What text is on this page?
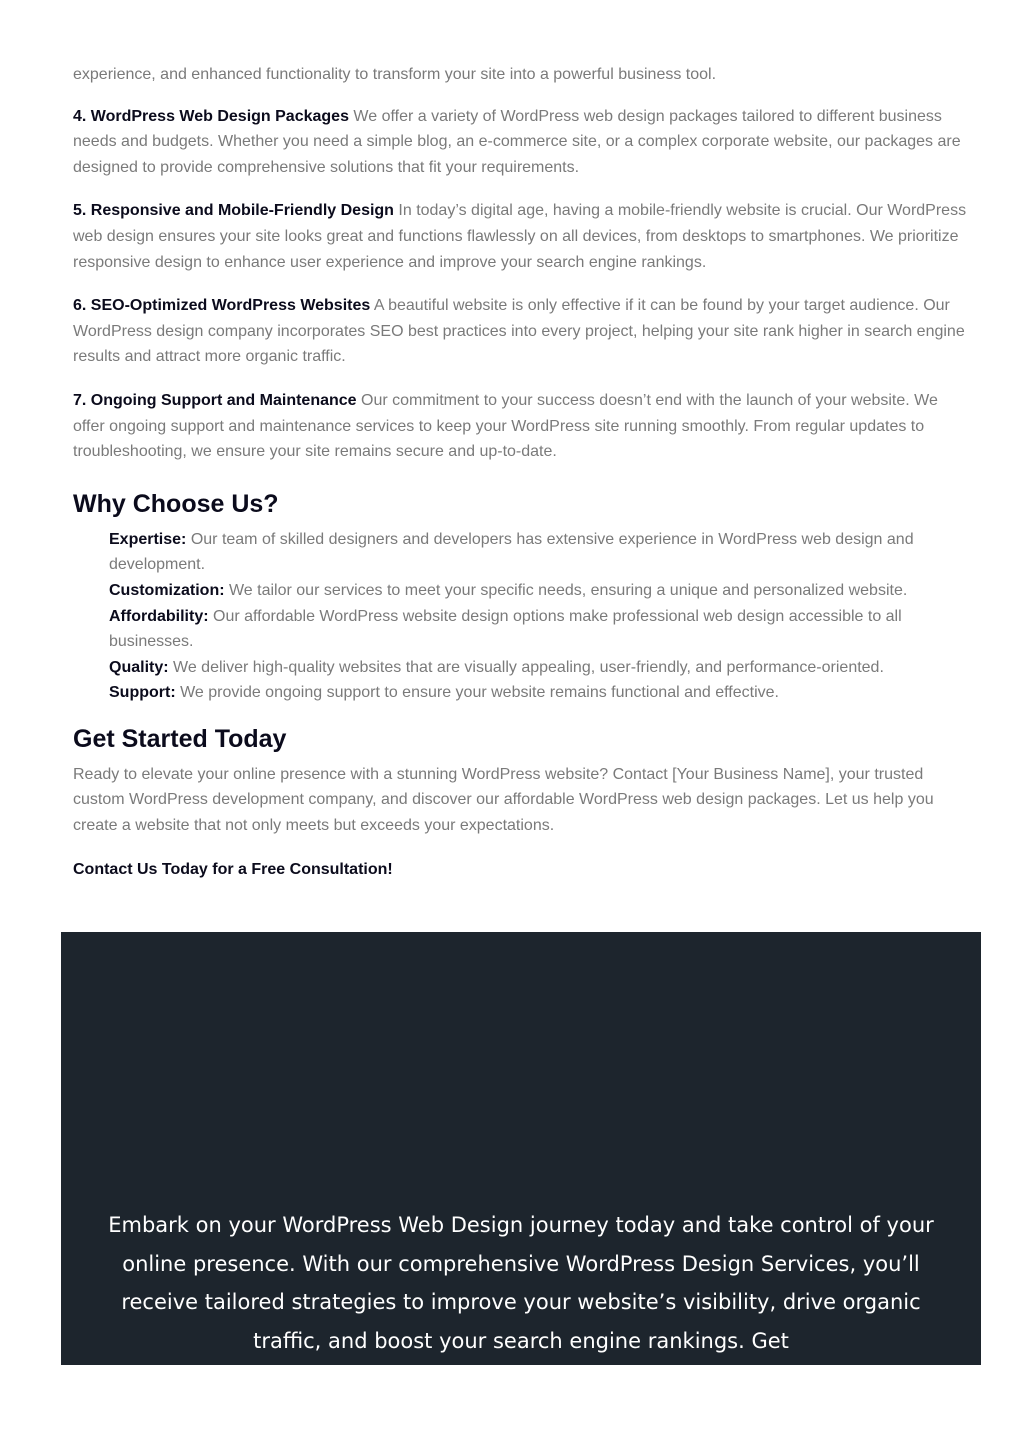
experience, and enhanced functionality to transform your site into a powerful business tool.

4. WordPress Web Design Packages We offer a variety of WordPress web design packages tailored to different business needs and budgets. Whether you need a simple blog, an e-commerce site, or a complex corporate website, our packages are designed to provide comprehensive solutions that fit your requirements.

5. Responsive and Mobile-Friendly Design In today’s digital age, having a mobile-friendly website is crucial. Our WordPress web design ensures your site looks great and functions flawlessly on all devices, from desktops to smartphones. We prioritize responsive design to enhance user experience and improve your search engine rankings.

6. SEO-Optimized WordPress Websites A beautiful website is only effective if it can be found by your target audience. Our WordPress design company incorporates SEO best practices into every project, helping your site rank higher in search engine results and attract more organic traffic.

7. Ongoing Support and Maintenance Our commitment to your success doesn’t end with the launch of your website. We offer ongoing support and maintenance services to keep your WordPress site running smoothly. From regular updates to troubleshooting, we ensure your site remains secure and up-to-date.

Why Choose Us?
Expertise: Our team of skilled designers and developers has extensive experience in WordPress web design and development.
Customization: We tailor our services to meet your specific needs, ensuring a unique and personalized website.
Affordability: Our affordable WordPress website design options make professional web design accessible to all businesses.
Quality: We deliver high-quality websites that are visually appealing, user-friendly, and performance-oriented.
Support: We provide ongoing support to ensure your website remains functional and effective.
Get Started Today

Ready to elevate your online presence with a stunning WordPress website? Contact [Your Business Name], your trusted custom WordPress development company, and discover our affordable WordPress web design packages. Let us help you create a website that not only meets but exceeds your expectations.

Contact Us Today for a Free Consultation!

Embark on your WordPress Web Design journey today and take control of your online presence. With our comprehensive WordPress Design Services, you’ll receive tailored strategies to improve your website’s visibility, drive organic traffic, and boost your search engine rankings. Get
